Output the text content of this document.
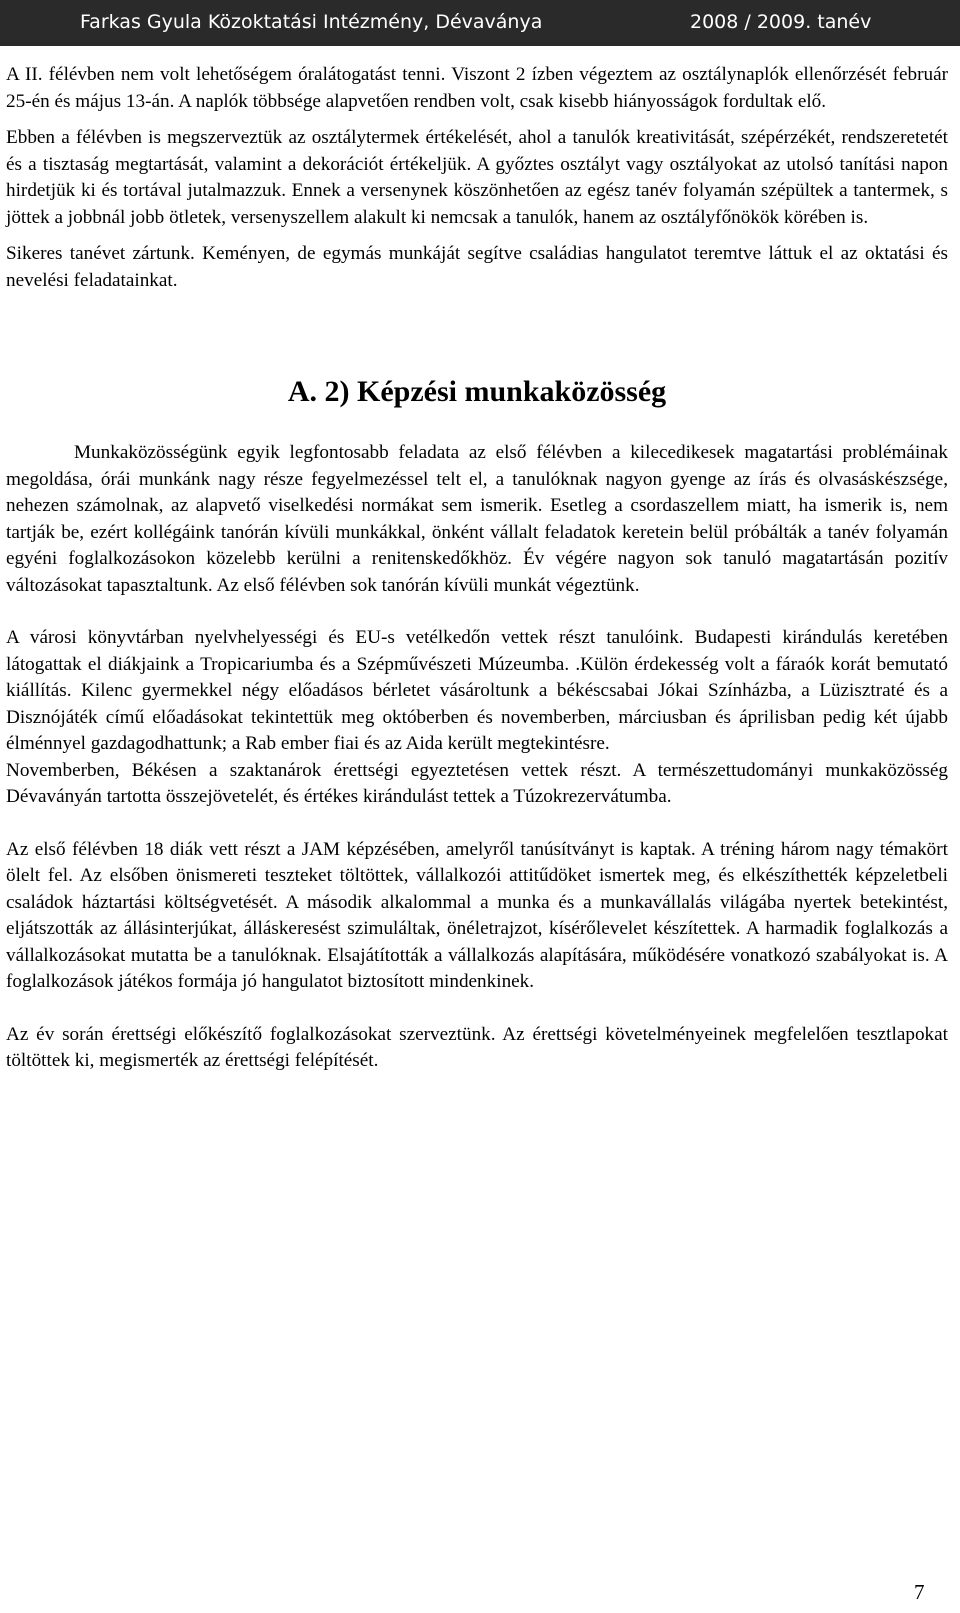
Farkas Gyula Közoktatási Intézmény, Dévaványa	2008 / 2009. tanév

A II. félévben nem volt lehetőségem óralátogatást tenni. Viszont 2 ízben végeztem az osztálynaplók ellenőrzését február 25-én és május 13-án. A naplók többsége alapvetően rendben volt, csak kisebb hiányosságok fordultak elő.

Ebben a félévben is megszerveztük az osztálytermek értékelését, ahol a tanulók kreativitását, szépérzékét, rendszeretetét és a tisztaság megtartását, valamint a dekorációt értékeljük. A győztes osztályt vagy osztályokat az utolsó tanítási napon hirdetjük ki és tortával jutalmazzuk. Ennek a versenynek köszönhetően az egész tanév folyamán szépültek a tantermek, s jöttek a jobbnál jobb ötletek, versenyszellem alakult ki nemcsak a tanulók, hanem az osztályfőnökök körében is.

Sikeres tanévet zártunk. Keményen, de egymás munkáját segítve családias hangulatot teremtve láttuk el az oktatási és nevelési feladatainkat.

A. 2) Képzési munkaközösség

Munkaközösségünk egyik legfontosabb feladata az első félévben a kilecedikesek magatartási problémáinak megoldása, órái munkánk nagy része fegyelmezéssel telt el, a tanulóknak nagyon gyenge az írás és olvasáskészsége, nehezen számolnak, az alapvető viselkedési normákat sem ismerik. Esetleg a csordaszellem miatt, ha ismerik is, nem tartják be, ezért kollégáink tanórán kívüli munkákkal, önként vállalt feladatok keretein belül próbálták a tanév folyamán egyéni foglalkozásokon közelebb kerülni a renitenskedőkhöz. Év végére nagyon sok tanuló magatartásán pozitív változásokat tapasztaltunk. Az első félévben sok tanórán kívüli munkát végeztünk.

A városi könyvtárban nyelvhelyességi és EU-s vetélkedőn vettek részt tanulóink. Budapesti kirándulás keretében látogattak el diákjaink a Tropicariumba és a Szépművészeti Múzeumba. .Külön érdekesség volt a fáraók korát bemutató kiállítás. Kilenc gyermekkel négy előadásos bérletet vásároltunk a békéscsabai Jókai Színházba, a Lüzisztraté és a Disznójáték című előadásokat tekintettük meg októberben és novemberben, márciusban és áprilisban pedig két újabb élménnyel gazdagodhattunk; a Rab ember fiai és az Aida került megtekintésre.

Novemberben, Békésen a szaktanárok érettségi egyeztetésen vettek részt. A természettudományi munkaközösség Dévaványán tartotta összejövetelét, és értékes kirándulást tettek a Túzokrezervátumba.

Az első félévben 18 diák vett részt a JAM képzésében, amelyről tanúsítványt is kaptak. A tréning három nagy témakört ölelt fel. Az elsőben önismereti teszteket töltöttek, vállalkozói attitűdöket ismertek meg, és elkészíthették képzeletbeli családok háztartási költségvetését. A második alkalommal a munka és a munkavállalás világába nyertek betekintést, eljátszották az állásinterjúkat, álláskeresést szimuláltak, önéletrajzot, kísérőlevelet készítettek. A harmadik foglalkozás a vállalkozásokat mutatta be a tanulóknak. Elsajátították a vállalkozás alapítására, működésére vonatkozó szabályokat is. A foglalkozások játékos formája jó hangulatot biztosított mindenkinek.

Az év során érettségi előkészítő foglalkozásokat szerveztünk. Az érettségi követelményeinek megfelelően tesztlapokat töltöttek ki, megismerték az érettségi felépítését.

7
